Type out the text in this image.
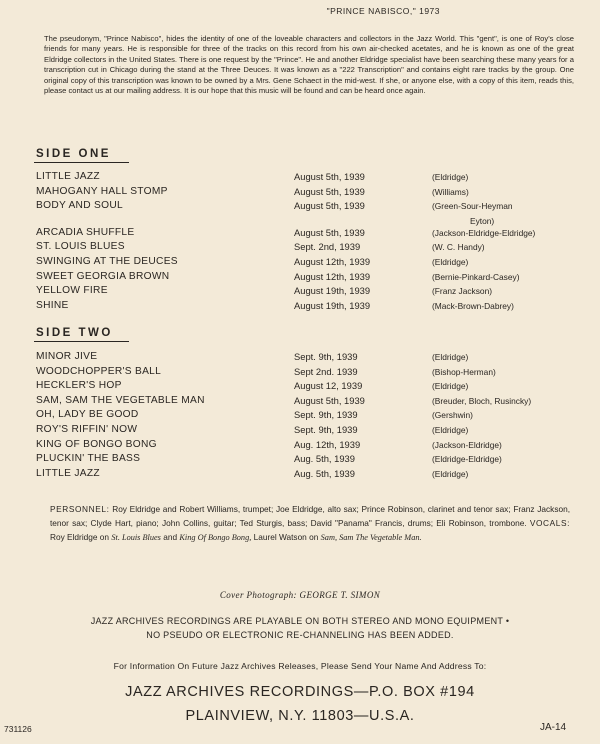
"PRINCE NABISCO," 1973

The pseudonym, "Prince Nabisco", hides the identity of one of the loveable characters and collectors in the Jazz World. This "gent", is one of Roy's close friends for many years. He is responsible for three of the tracks on this record from his own air-checked acetates, and he is known as one of the great Eldridge collectors in the United States. There is one request by the "Prince". He and another Eldridge specialist have been searching these many years for a transcription cut in Chicago during the stand at the Three Deuces. It was known as a "222 Transcription" and contains eight rare tracks by the group. One original copy of this transcription was known to be owned by a Mrs. Gene Schaect in the mid-west. If she, or anyone else, with a copy of this item, reads this, please contact us at our mailing address. It is our hope that this music will be found and can be heard once again.

SIDE ONE
LITTLE JAZZ	August 5th, 1939	(Eldridge)
MAHOGANY HALL STOMP	August 5th, 1939	(Williams)
BODY AND SOUL	August 5th, 1939	(Green-Sour-Heyman
Eyton)
ARCADIA SHUFFLE	August 5th, 1939	(Jackson-Eldridge-Eldridge)
ST. LOUIS BLUES	Sept. 2nd, 1939	(W. C. Handy)
SWINGING AT THE DEUCES	August 12th, 1939	(Eldridge)
SWEET GEORGIA BROWN	August 12th, 1939	(Bernie-Pinkard-Casey)
YELLOW FIRE	August 19th, 1939	(Franz Jackson)
SHINE	August 19th, 1939	(Mack-Brown-Dabrey)
SIDE TWO
MINOR JIVE	Sept. 9th, 1939	(Eldridge)
WOODCHOPPER'S BALL	Sept 2nd. 1939	(Bishop-Herman)
HECKLER'S HOP	August 12, 1939	(Eldridge)
SAM, SAM THE VEGETABLE MAN	August 5th, 1939	(Breuder, Bloch, Rusincky)
OH, LADY BE GOOD	Sept. 9th, 1939	(Gershwin)
ROY'S RIFFIN' NOW	Sept. 9th, 1939	(Eldridge)
KING OF BONGO BONG	Aug. 12th, 1939	(Jackson-Eldridge)
PLUCKIN' THE BASS	Aug. 5th, 1939	(Eldridge-Eldridge)
LITTLE JAZZ	Aug. 5th, 1939	(Eldridge)
PERSONNEL: Roy Eldridge and Robert Williams, trumpet; Joe Eldridge, alto sax; Prince Robinson, clarinet and tenor sax; Franz Jackson, tenor sax; Clyde Hart, piano; John Collins, guitar; Ted Sturgis, bass; David "Panama" Francis, drums; Eli Robinson, trombone. VOCALS: Roy Eldridge on St. Louis Blues and King Of Bongo Bong, Laurel Watson on Sam, Sam The Vegetable Man.
Cover Photograph: GEORGE T. SIMON
JAZZ ARCHIVES RECORDINGS ARE PLAYABLE ON BOTH STEREO AND MONO EQUIPMENT •
NO PSEUDO OR ELECTRONIC RE-CHANNELING HAS BEEN ADDED.
For Information On Future Jazz Archives Releases, Please Send Your Name And Address To:
JAZZ ARCHIVES RECORDINGS—P.O. BOX #194
PLAINVIEW, N.Y. 11803—U.S.A.
731126	JA-14
